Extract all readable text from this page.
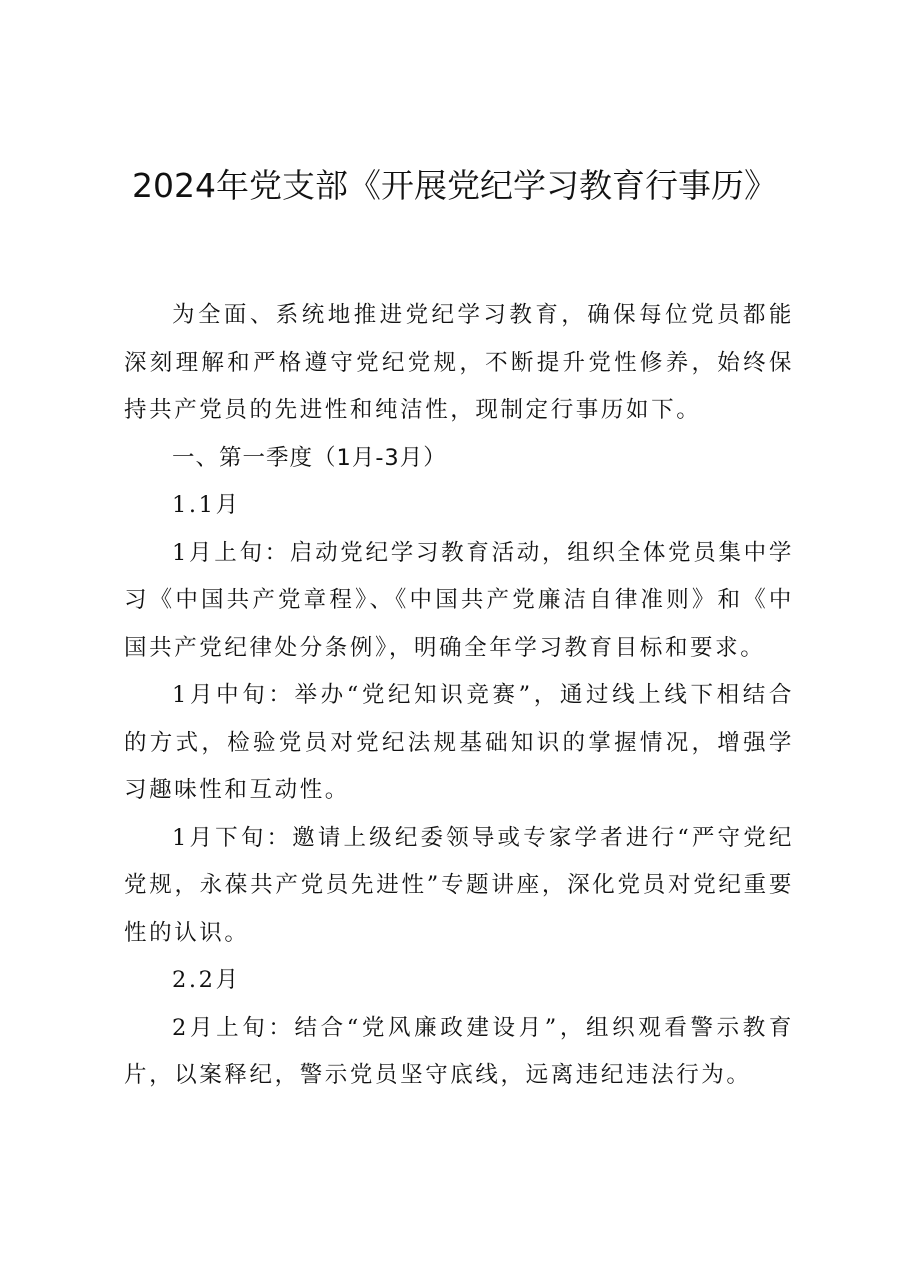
2024年党支部《开展党纪学习教育行事历》

为全面、系统地推进党纪学习教育，确保每位党员都能深刻理解和严格遵守党纪党规，不断提升党性修养，始终保持共产党员的先进性和纯洁性，现制定行事历如下。

一、第一季度（1月-3月）

1.1月

1月上旬：启动党纪学习教育活动，组织全体党员集中学习《中国共产党章程》、《中国共产党廉洁自律准则》和《中国共产党纪律处分条例》，明确全年学习教育目标和要求。

1月中旬：举办“党纪知识竞赛”，通过线上线下相结合的方式，检验党员对党纪法规基础知识的掌握情况，增强学习趣味性和互动性。

1月下旬：邀请上级纪委领导或专家学者进行“严守党纪党规，永葆共产党员先进性”专题讲座，深化党员对党纪重要性的认识。

2.2月

2月上旬：结合“党风廉政建设月”，组织观看警示教育片，以案释纪，警示党员坚守底线，远离违纪违法行为。
